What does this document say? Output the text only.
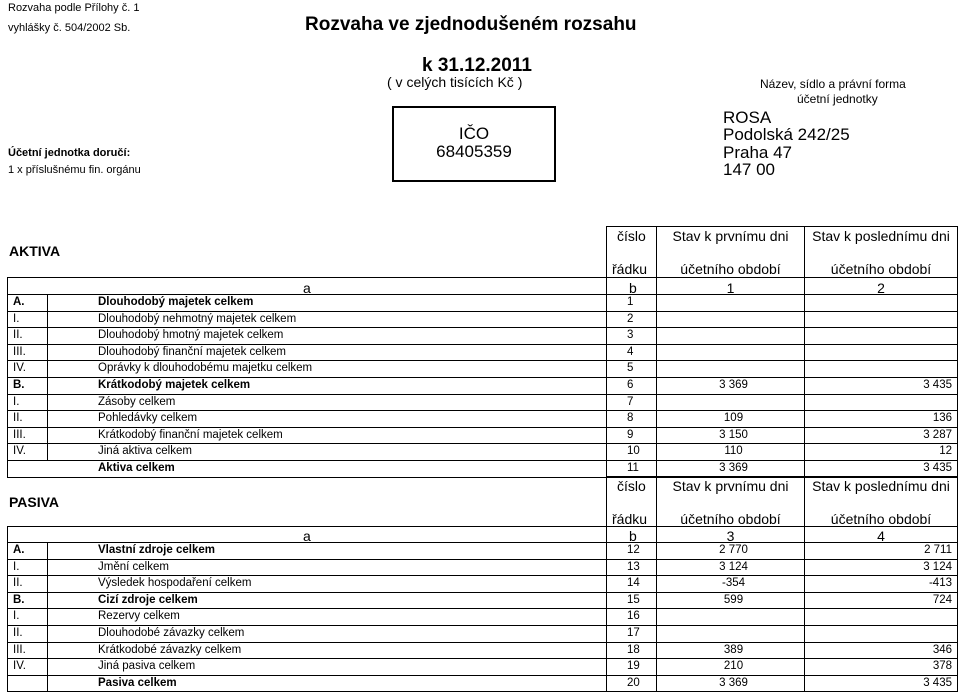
Rozvaha podle Přílohy č. 1
vyhlášky č. 504/2002 Sb.	Rozvaha ve zjednodušeném rozsahu
k 31.12.2011
( v celých tisících Kč )
Účetní jednotka doručí:
1 x příslušnému fin. orgánu
IČO
68405359
Název, sídlo a právní forma
účetní jednotky
ROSA
Podolská 242/25
Praha 47
147 00
AKTIVA
číslo
řádku
Stav k prvnímu dni
účetního období
Stav k poslednímu dni
účetního období
a	b	1	2
A.	Dlouhodobý majetek celkem	1
I.	Dlouhodobý nehmotný majetek celkem	2
II.	Dlouhodobý hmotný majetek celkem	3
III.	Dlouhodobý finanční majetek celkem	4
IV.	Oprávky k dlouhodobému majetku celkem	5
B.	Krátkodobý majetek celkem	6	3 369	3 435
I.	Zásoby celkem	7
II.	Pohledávky celkem	8	109	136
III.	Krátkodobý finanční majetek celkem	9	3 150	3 287
IV.	Jiná aktiva celkem	10	110	12
Aktiva celkem	11	3 369	3 435
PASIVA
číslo
řádku
Stav k prvnímu dni
účetního období
Stav k poslednímu dni
účetního období
a	b	3	4
A.	Vlastní zdroje celkem	12	2 770	2 711
I.	Jmění celkem	13	3 124	3 124
II.	Výsledek hospodaření celkem	14	-354	-413
B.	Cizí zdroje celkem	15	599	724
I.	Rezervy celkem	16
II.	Dlouhodobé závazky celkem	17
III.	Krátkodobé závazky celkem	18	389	346
IV.	Jiná pasiva celkem	19	210	378
Pasiva celkem	20	3 369	3 435
